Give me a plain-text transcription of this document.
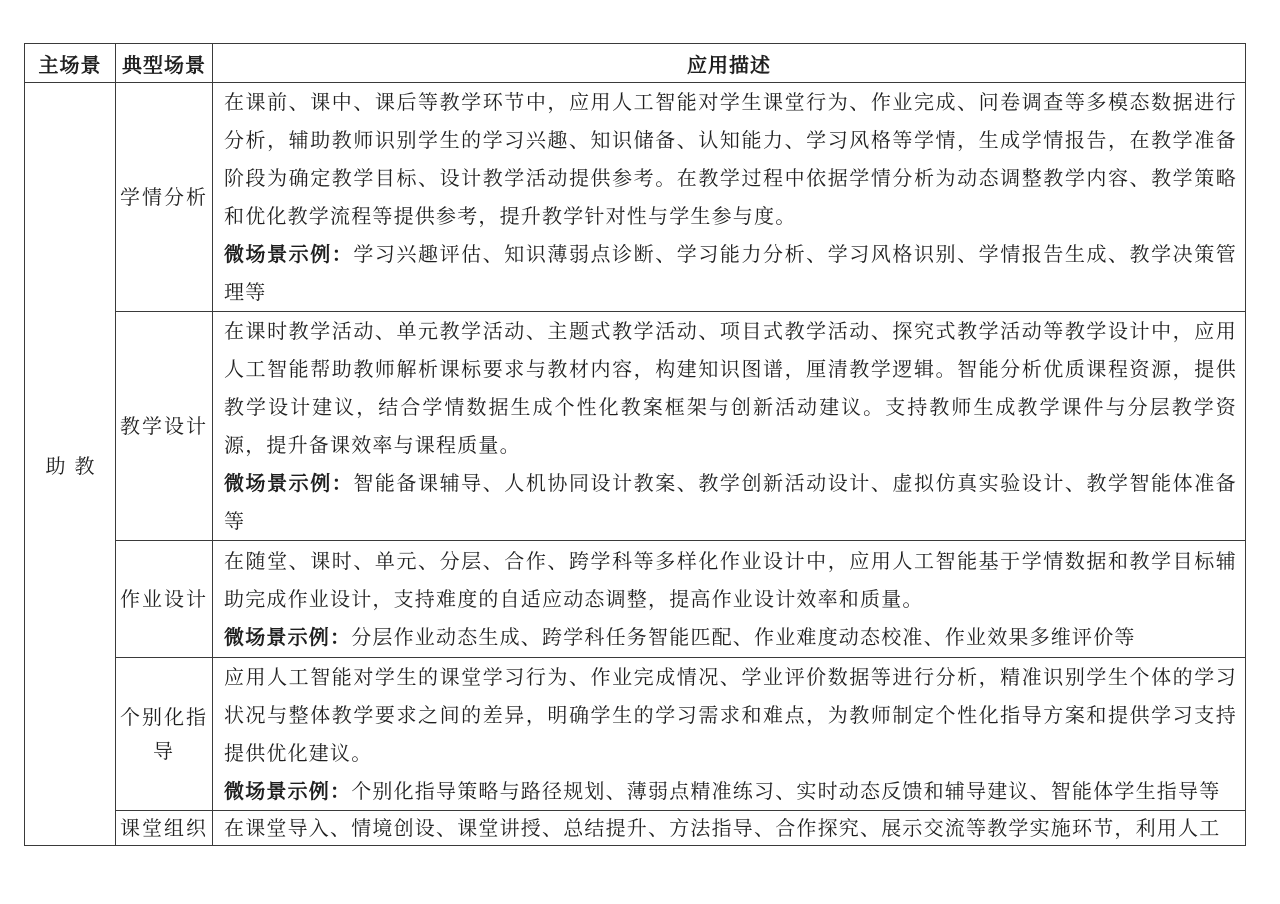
主场景	典型场景	应用描述
助教	学情分析	在课前、课中、课后等教学环节中，应用人工智能对学生课堂行为、作业完成、问卷调查等多模态数据进行分析，辅助教师识别学生的学习兴趣、知识储备、认知能力、学习风格等学情，生成学情报告，在教学准备阶段为确定教学目标、设计教学活动提供参考。在教学过程中依据学情分析为动态调整教学内容、教学策略和优化教学流程等提供参考，提升教学针对性与学生参与度。
微场景示例：学习兴趣评估、知识薄弱点诊断、学习能力分析、学习风格识别、学情报告生成、教学决策管理等

	教学设计	在课时教学活动、单元教学活动、主题式教学活动、项目式教学活动、探究式教学活动等教学设计中，应用人工智能帮助教师解析课标要求与教材内容，构建知识图谱，厘清教学逻辑。智能分析优质课程资源，提供教学设计建议，结合学情数据生成个性化教案框架与创新活动建议。支持教师生成教学课件与分层教学资源，提升备课效率与课程质量。
微场景示例：智能备课辅导、人机协同设计教案、教学创新活动设计、虚拟仿真实验设计、教学智能体准备等

	作业设计	在随堂、课时、单元、分层、合作、跨学科等多样化作业设计中，应用人工智能基于学情数据和教学目标辅助完成作业设计，支持难度的自适应动态调整，提高作业设计效率和质量。
微场景示例：分层作业动态生成、跨学科任务智能匹配、作业难度动态校准、作业效果多维评价等

	个别化指导	应用人工智能对学生的课堂学习行为、作业完成情况、学业评价数据等进行分析，精准识别学生个体的学习状况与整体教学要求之间的差异，明确学生的学习需求和难点，为教师制定个性化指导方案和提供学习支持提供优化建议。
微场景示例：个别化指导策略与路径规划、薄弱点精准练习、实时动态反馈和辅导建议、智能体学生指导等

	课堂组织	在课堂导入、情境创设、课堂讲授、总结提升、方法指导、合作探究、展示交流等教学实施环节，利用人工
